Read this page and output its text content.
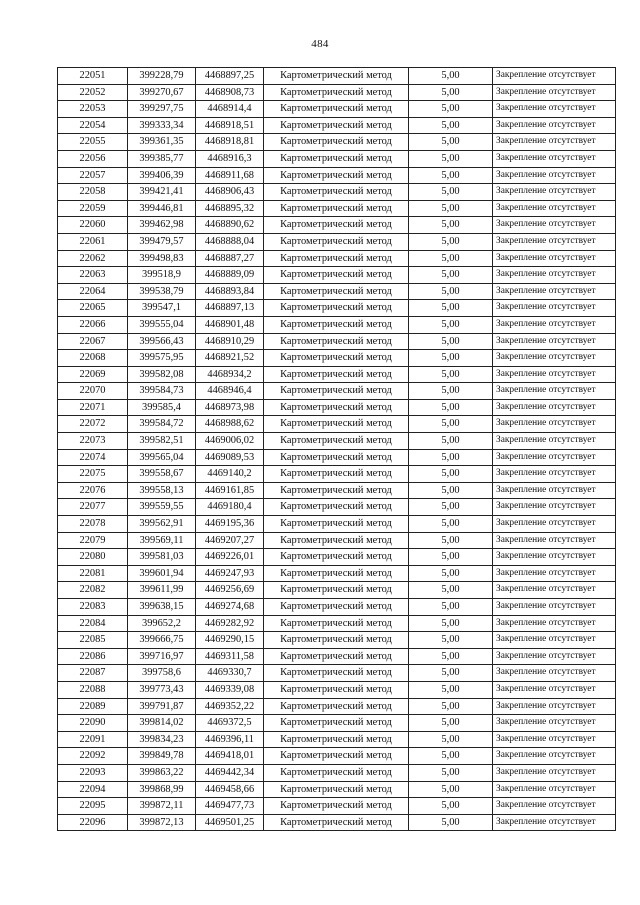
484
22051	399228,79	4468897,25	Картометрический метод	5,00	Закрепление отсутствует
22052	399270,67	4468908,73	Картометрический метод	5,00	Закрепление отсутствует
22053	399297,75	4468914,4	Картометрический метод	5,00	Закрепление отсутствует
22054	399333,34	4468918,51	Картометрический метод	5,00	Закрепление отсутствует
22055	399361,35	4468918,81	Картометрический метод	5,00	Закрепление отсутствует
22056	399385,77	4468916,3	Картометрический метод	5,00	Закрепление отсутствует
22057	399406,39	4468911,68	Картометрический метод	5,00	Закрепление отсутствует
22058	399421,41	4468906,43	Картометрический метод	5,00	Закрепление отсутствует
22059	399446,81	4468895,32	Картометрический метод	5,00	Закрепление отсутствует
22060	399462,98	4468890,62	Картометрический метод	5,00	Закрепление отсутствует
22061	399479,57	4468888,04	Картометрический метод	5,00	Закрепление отсутствует
22062	399498,83	4468887,27	Картометрический метод	5,00	Закрепление отсутствует
22063	399518,9	4468889,09	Картометрический метод	5,00	Закрепление отсутствует
22064	399538,79	4468893,84	Картометрический метод	5,00	Закрепление отсутствует
22065	399547,1	4468897,13	Картометрический метод	5,00	Закрепление отсутствует
22066	399555,04	4468901,48	Картометрический метод	5,00	Закрепление отсутствует
22067	399566,43	4468910,29	Картометрический метод	5,00	Закрепление отсутствует
22068	399575,95	4468921,52	Картометрический метод	5,00	Закрепление отсутствует
22069	399582,08	4468934,2	Картометрический метод	5,00	Закрепление отсутствует
22070	399584,73	4468946,4	Картометрический метод	5,00	Закрепление отсутствует
22071	399585,4	4468973,98	Картометрический метод	5,00	Закрепление отсутствует
22072	399584,72	4468988,62	Картометрический метод	5,00	Закрепление отсутствует
22073	399582,51	4469006,02	Картометрический метод	5,00	Закрепление отсутствует
22074	399565,04	4469089,53	Картометрический метод	5,00	Закрепление отсутствует
22075	399558,67	4469140,2	Картометрический метод	5,00	Закрепление отсутствует
22076	399558,13	4469161,85	Картометрический метод	5,00	Закрепление отсутствует
22077	399559,55	4469180,4	Картометрический метод	5,00	Закрепление отсутствует
22078	399562,91	4469195,36	Картометрический метод	5,00	Закрепление отсутствует
22079	399569,11	4469207,27	Картометрический метод	5,00	Закрепление отсутствует
22080	399581,03	4469226,01	Картометрический метод	5,00	Закрепление отсутствует
22081	399601,94	4469247,93	Картометрический метод	5,00	Закрепление отсутствует
22082	399611,99	4469256,69	Картометрический метод	5,00	Закрепление отсутствует
22083	399638,15	4469274,68	Картометрический метод	5,00	Закрепление отсутствует
22084	399652,2	4469282,92	Картометрический метод	5,00	Закрепление отсутствует
22085	399666,75	4469290,15	Картометрический метод	5,00	Закрепление отсутствует
22086	399716,97	4469311,58	Картометрический метод	5,00	Закрепление отсутствует
22087	399758,6	4469330,7	Картометрический метод	5,00	Закрепление отсутствует
22088	399773,43	4469339,08	Картометрический метод	5,00	Закрепление отсутствует
22089	399791,87	4469352,22	Картометрический метод	5,00	Закрепление отсутствует
22090	399814,02	4469372,5	Картометрический метод	5,00	Закрепление отсутствует
22091	399834,23	4469396,11	Картометрический метод	5,00	Закрепление отсутствует
22092	399849,78	4469418,01	Картометрический метод	5,00	Закрепление отсутствует
22093	399863,22	4469442,34	Картометрический метод	5,00	Закрепление отсутствует
22094	399868,99	4469458,66	Картометрический метод	5,00	Закрепление отсутствует
22095	399872,11	4469477,73	Картометрический метод	5,00	Закрепление отсутствует
22096	399872,13	4469501,25	Картометрический метод	5,00	Закрепление отсутствует
